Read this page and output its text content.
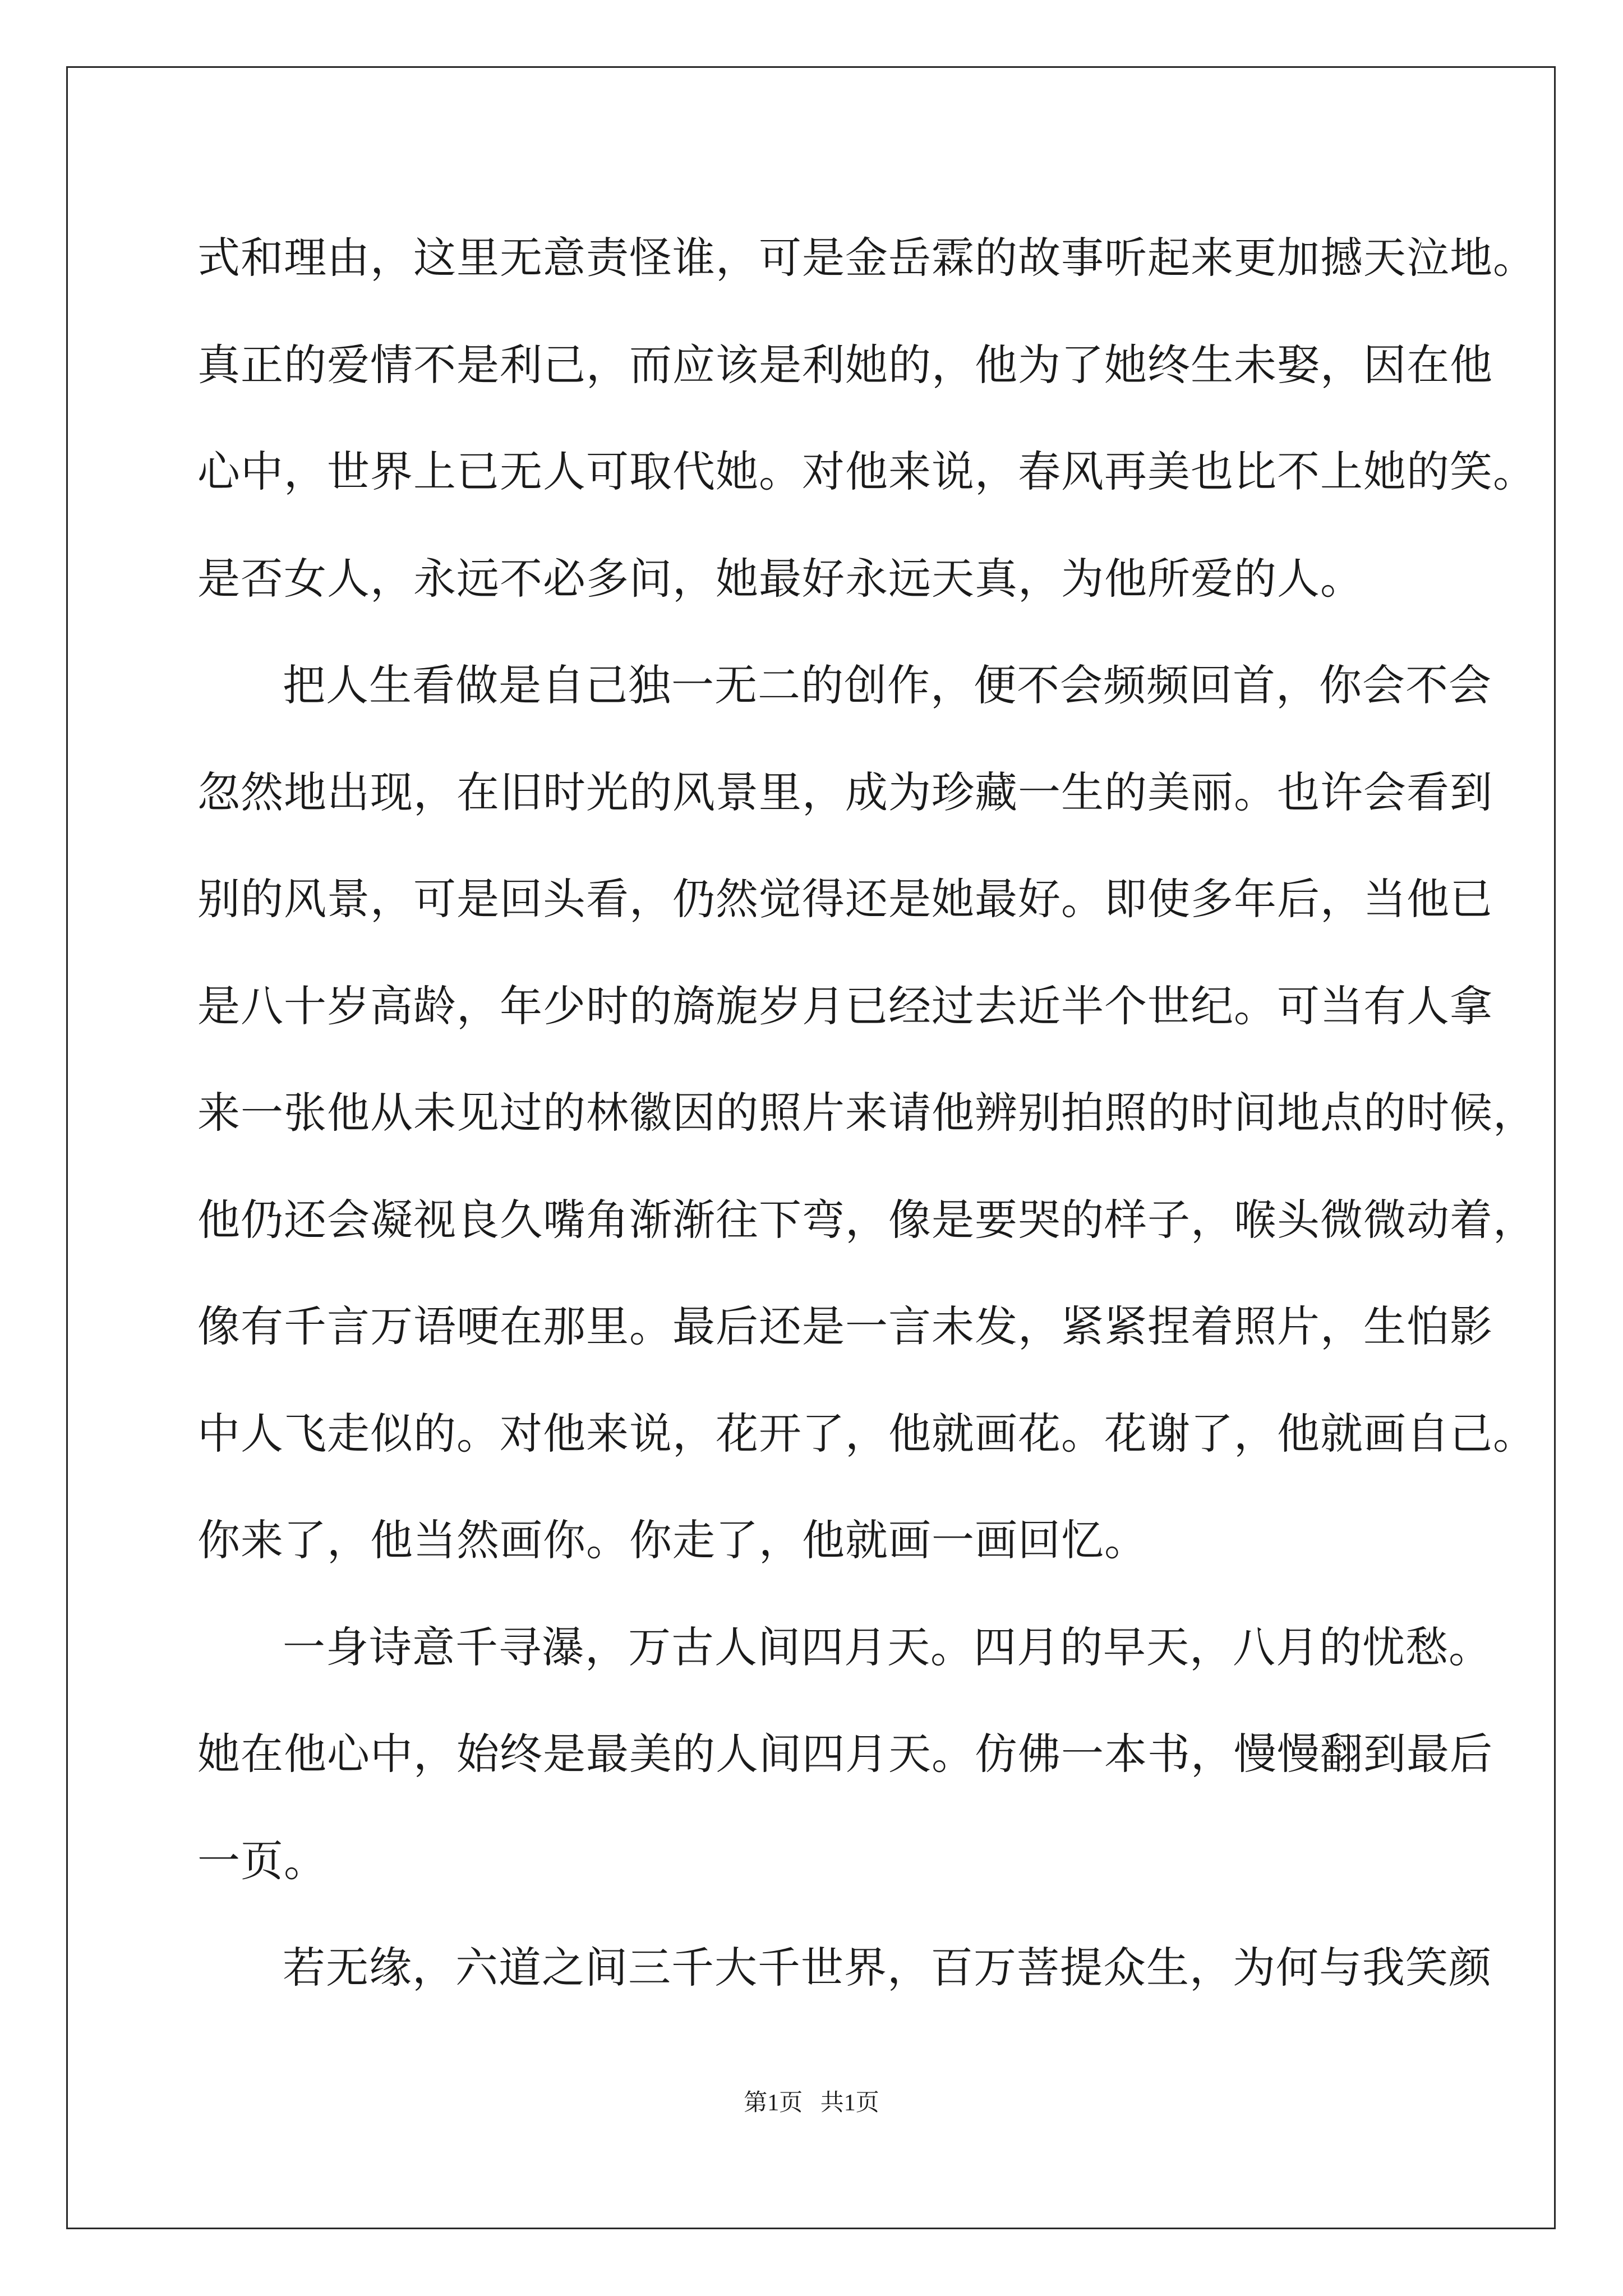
式和理由，这里无意责怪谁，可是金岳霖的故事听起来更加撼天泣地。
真正的爱情不是利己，而应该是利她的，他为了她终生未娶，因在他
心中，世界上已无人可取代她。对他来说，春风再美也比不上她的笑。
是否女人，永远不必多问，她最好永远天真，为他所爱的人。
把人生看做是自己独一无二的创作，便不会频频回首，你会不会
忽然地出现，在旧时光的风景里，成为珍藏一生的美丽。也许会看到
别的风景，可是回头看，仍然觉得还是她最好。即使多年后，当他已
是八十岁高龄，年少时的旖旎岁月已经过去近半个世纪。可当有人拿
来一张他从未见过的林徽因的照片来请他辨别拍照的时间地点的时候，
他仍还会凝视良久嘴角渐渐往下弯，像是要哭的样子，喉头微微动着，
像有千言万语哽在那里。最后还是一言未发，紧紧捏着照片，生怕影
中人飞走似的。对他来说，花开了，他就画花。花谢了，他就画自己。
你来了，他当然画你。你走了，他就画一画回忆。
一身诗意千寻瀑，万古人间四月天。四月的早天，八月的忧愁。
她在他心中，始终是最美的人间四月天。仿佛一本书，慢慢翻到最后
一页。
若无缘，六道之间三千大千世界，百万菩提众生，为何与我笑颜
第1页   共1页
